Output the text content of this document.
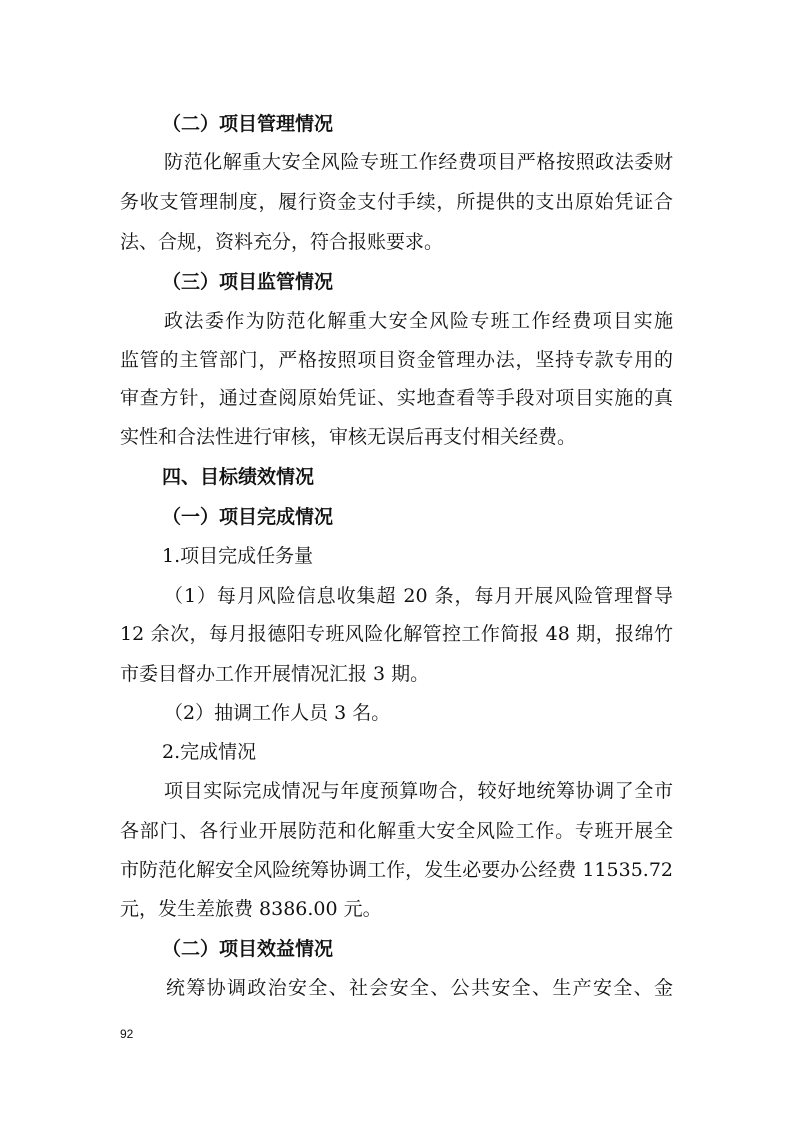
（二）项目管理情况
防范化解重大安全风险专班工作经费项目严格按照政法委财
务收支管理制度，履行资金支付手续，所提供的支出原始凭证合
法、合规，资料充分，符合报账要求。
（三）项目监管情况
政法委作为防范化解重大安全风险专班工作经费项目实施
监管的主管部门，严格按照项目资金管理办法，坚持专款专用的
审查方针，通过查阅原始凭证、实地查看等手段对项目实施的真
实性和合法性进行审核，审核无误后再支付相关经费。
四、目标绩效情况
（一）项目完成情况
1.项目完成任务量
（1）每月风险信息收集超 20 条，每月开展风险管理督导
12 余次，每月报德阳专班风险化解管控工作简报 48 期，报绵竹
市委目督办工作开展情况汇报 3 期。
（2）抽调工作人员 3 名。
2.完成情况
项目实际完成情况与年度预算吻合，较好地统筹协调了全市
各部门、各行业开展防范和化解重大安全风险工作。专班开展全
市防范化解安全风险统筹协调工作，发生必要办公经费 11535.72
元，发生差旅费 8386.00 元。
（二）项目效益情况
统筹协调政治安全、社会安全、公共安全、生产安全、金
92
